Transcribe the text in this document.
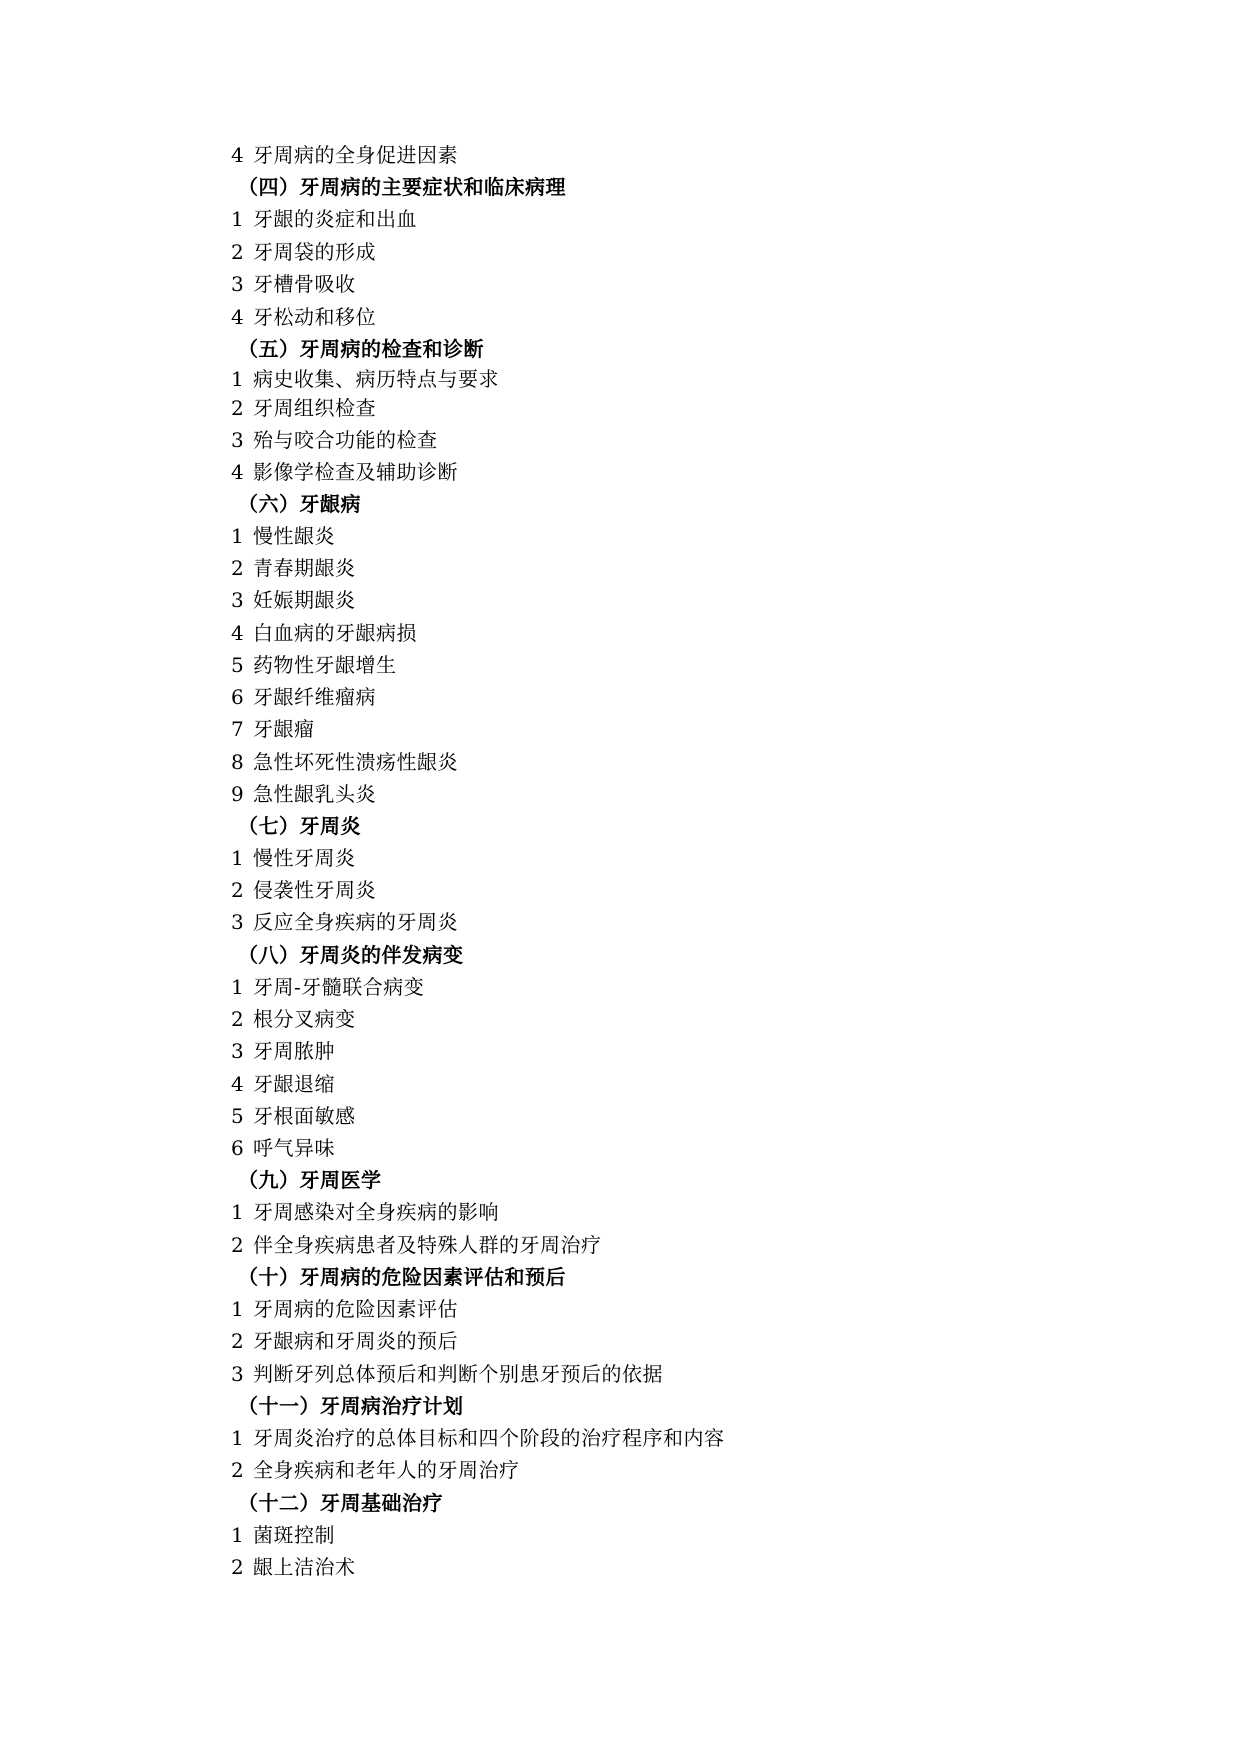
4 牙周病的全身促进因素
（四）牙周病的主要症状和临床病理
1 牙龈的炎症和出血
2 牙周袋的形成
3 牙槽骨吸收
4 牙松动和移位
（五）牙周病的检查和诊断
1 病史收集、病历特点与要求
2 牙周组织检查
3 殆与咬合功能的检查
4 影像学检查及辅助诊断
（六）牙龈病
1 慢性龈炎
2 青春期龈炎
3 妊娠期龈炎
4 白血病的牙龈病损
5 药物性牙龈增生
6 牙龈纤维瘤病
7 牙龈瘤
8 急性坏死性溃疡性龈炎
9 急性龈乳头炎
（七）牙周炎
1 慢性牙周炎
2 侵袭性牙周炎
3 反应全身疾病的牙周炎
（八）牙周炎的伴发病变
1 牙周-牙髓联合病变
2 根分叉病变
3 牙周脓肿
4 牙龈退缩
5 牙根面敏感
6 呼气异味
（九）牙周医学
1 牙周感染对全身疾病的影响
2 伴全身疾病患者及特殊人群的牙周治疗
（十）牙周病的危险因素评估和预后
1 牙周病的危险因素评估
2 牙龈病和牙周炎的预后
3 判断牙列总体预后和判断个别患牙预后的依据
（十一）牙周病治疗计划
1 牙周炎治疗的总体目标和四个阶段的治疗程序和内容
2 全身疾病和老年人的牙周治疗
（十二）牙周基础治疗
1 菌斑控制
2 龈上洁治术
